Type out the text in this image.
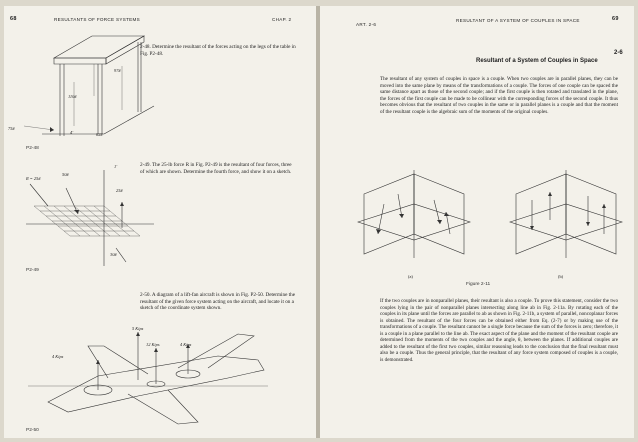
68	RESULTANTS OF FORCE SYSTEMS	CHAP. 2
2-48. Determine the resultant of the forces acting on the legs of the table in Fig. P2-48.
110#
97#
75#
4'	62#
P2-48
2-49. The 25-lb force R in Fig. P2-49 is the resultant of four forces, three of which are shown. Determine the fourth force, and show it on a sketch.
R = 25#
50#
25#
1'
30#
P2-49
2-50. A diagram of a lift-fan aircraft is shown in Fig. P2-50. Determine the resultant of the given force system acting on the aircraft, and locate it on a sketch of the coordinate system shown.
5 Kips
12 Kips	4 Kips
4 Kips
P2-50
ART. 2-6
RESULTANT OF A SYSTEM OF COUPLES IN SPACE	69
2-6
Resultant of a System of Couples in Space
The resultant of any system of couples in space is a couple. When two couples are in parallel planes, they can be moved into the same plane by means of the transformations of a couple. The forces of one couple can be spaced the same distance apart as those of the second couple; and if the first couple is then rotated and translated in the plane, the forces of the first couple can be made to be collinear with the corresponding forces of the second couple. It thus becomes obvious that the resultant of two couples in the same or in parallel planes is a couple and that the moment of the resultant couple is the algebraic sum of the moments of the original couples.
(a)	(b)
Figure 2-11
If the two couples are in nonparallel planes, their resultant is also a couple. To prove this statement, consider the two couples lying in the pair of nonparallel planes intersecting along line ab in Fig. 2-11a. By rotating each of the couples in its plane until the forces are parallel to ab as shown in Fig. 2-11b, a system of parallel, noncoplanar forces is obtained. The resultant of the four forces can be obtained either from Eq. (2-7) or by making use of the transformations of a couple. The resultant cannot be a single force because the sum of the forces is zero; therefore, it is a couple in a plane parallel to the line ab. The exact aspect of the plane and the moment of the resultant couple are determined from the moments of the two couples and the angle, θ, between the planes. If additional couples are added to the resultant of the first two couples, similar reasoning leads to the conclusion that the final resultant must also be a couple. Thus the general principle, that the resultant of any force system composed of couples is a couple, is demonstrated.
